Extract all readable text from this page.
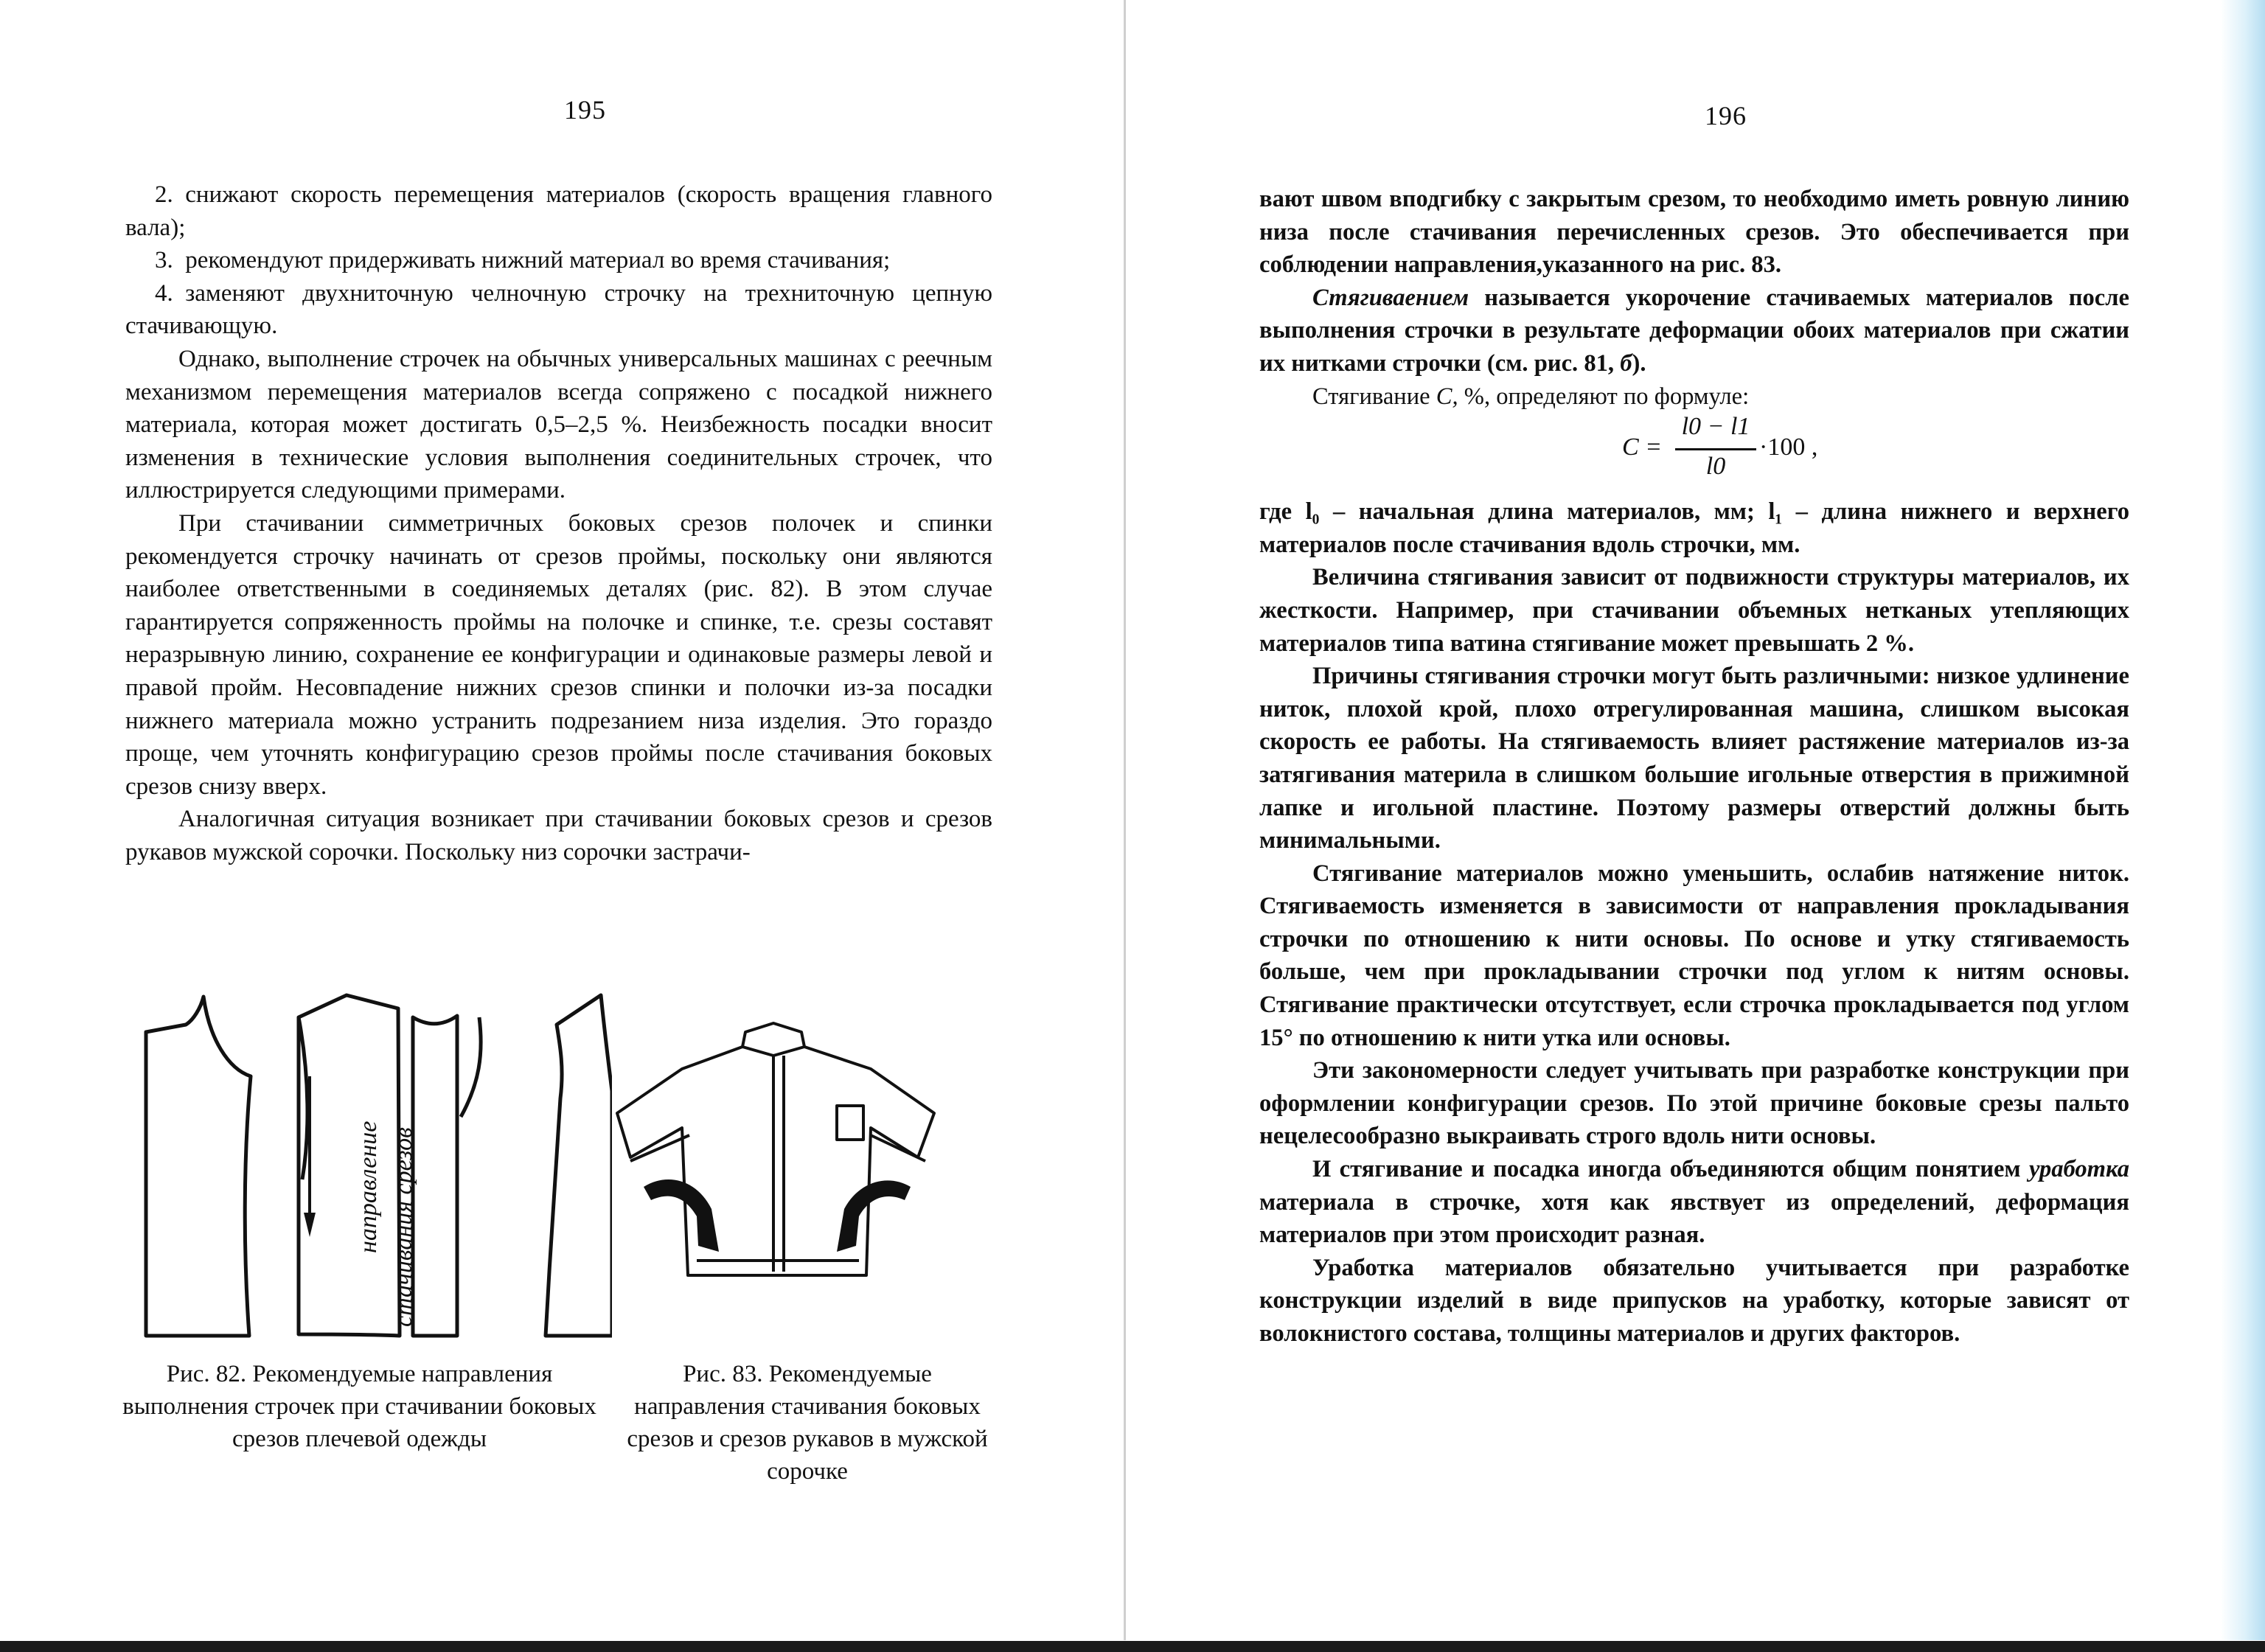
195

2. снижают скорость перемещения материалов (скорость вращения главного вала);

3. рекомендуют придерживать нижний материал во время стачивания;

4. заменяют двухниточную челночную строчку на трехниточную цепную стачивающую.

Однако, выполнение строчек на обычных универсальных машинах с реечным механизмом перемещения материалов всегда сопряжено с посадкой нижнего материала, которая может достигать 0,5–2,5 %. Неизбежность посадки вносит изменения в технические условия выполнения соединительных строчек, что иллюстрируется следующими примерами.

При стачивании симметричных боковых срезов полочек и спинки рекомендуется строчку начинать от срезов проймы, поскольку они являются наиболее ответственными в соединяемых деталях (рис. 82). В этом случае гарантируется сопряженность проймы на полочке и спинке, т.е. срезы составят неразрывную линию, сохранение ее конфигурации и одинаковые размеры левой и правой пройм. Несовпадение нижних срезов спинки и полочки из-за посадки нижнего материала можно устранить подрезанием низа изделия. Это гораздо проще, чем уточнять конфигурацию срезов проймы после стачивания боковых срезов снизу вверх.

Аналогичная ситуация возникает при стачивании боковых срезов и срезов рукавов мужской сорочки. Поскольку низ сорочки застрачи-

направление стачивания срезов
Рис. 82. Рекомендуемые направления выполнения строчек при стачивании боковых срезов плечевой одежды
Рис. 83. Рекомендуемые направления стачивания боковых срезов и срезов рукавов в мужской сорочке
196

вают швом вподгибку с закрытым срезом, то необходимо иметь ровную линию низа после стачивания перечисленных срезов. Это обеспечивается при соблюдении направления,указанного на рис. 83.

Стягиваением называется укорочение стачиваемых материалов после выполнения строчки в результате деформации обоих материалов при сжатии их нитками строчки (см. рис. 81, б).

Стягивание С, %, определяют по формуле:

где l₀ – начальная длина материалов, мм; l₁ – длина нижнего и верхнего материалов после стачивания вдоль строчки, мм.

Величина стягивания зависит от подвижности структуры материалов, их жесткости. Например, при стачивании объемных нетканых утепляющих материалов типа ватина стягивание может превышать 2 %.

Причины стягивания строчки могут быть различными: низкое удлинение ниток, плохой крой, плохо отрегулированная машина, слишком высокая скорость ее работы. На стягиваемость влияет растяжение материалов из-за затягивания материла в слишком большие игольные отверстия в прижимной лапке и игольной пластине. Поэтому размеры отверстий должны быть минимальными.

Стягивание материалов можно уменьшить, ослабив натяжение ниток. Стягиваемость изменяется в зависимости от направления прокладывания строчки по отношению к нити основы. По основе и утку стягиваемость больше, чем при прокладывании строчки под углом к нитям основы. Стягивание практически отсутствует, если строчка прокладывается под углом 15° по отношению к нити утка или основы.

Эти закономерности следует учитывать при разработке конструкции при оформлении конфигурации срезов. По этой причине боковые срезы пальто нецелесообразно выкраивать строго вдоль нити основы.

И стягивание и посадка иногда объединяются общим понятием уработка материала в строчке, хотя как явствует из определений, деформация материалов при этом происходит разная.

Уработка материалов обязательно учитывается при разработке конструкции изделий в виде припусков на уработку, которые зависят от волокнистого состава, толщины материалов и других факторов.

C =
l0 − l1
l0
·100 ,
